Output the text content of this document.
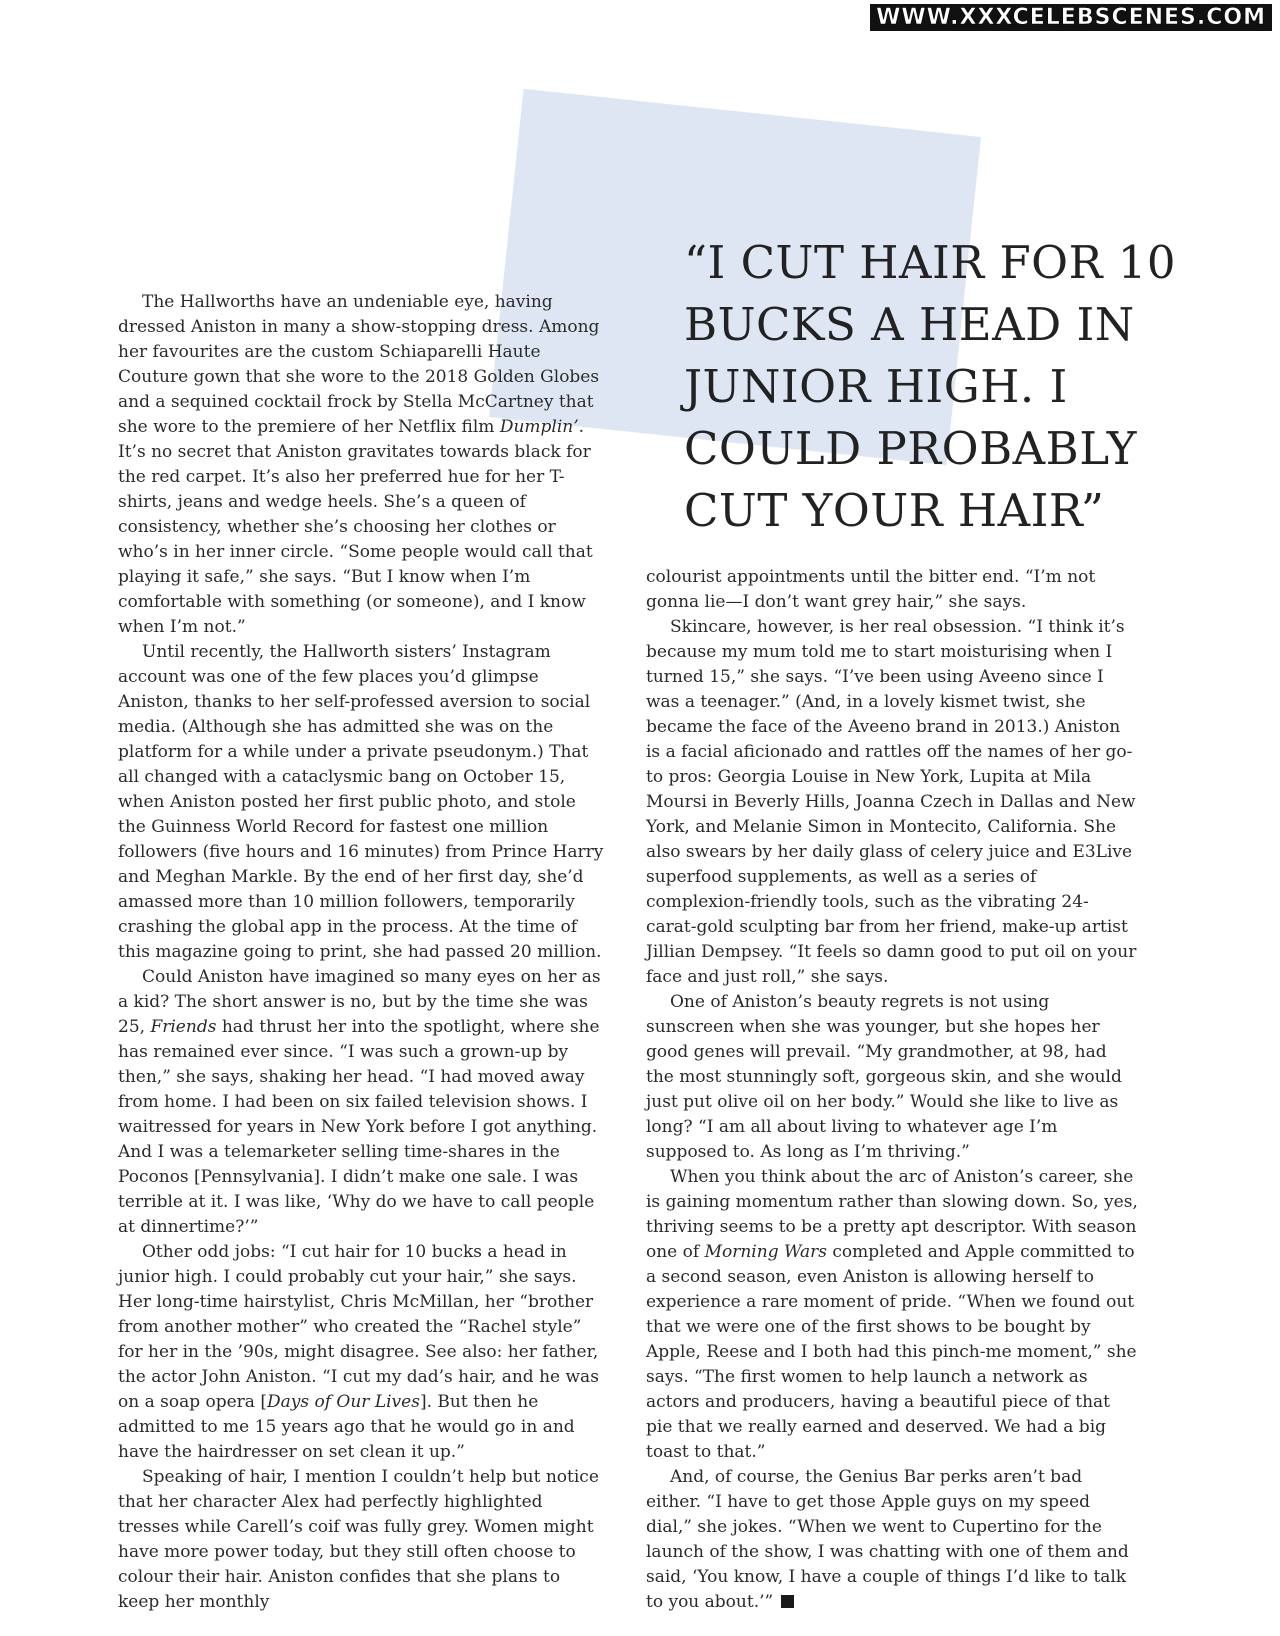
WWW.XXXCELEBSCENES.COM
“I CUT HAIR FOR 10 BUCKS A HEAD IN JUNIOR HIGH. I COULD PROBABLY CUT YOUR HAIR”

The Hallworths have an undeniable eye, having dressed Aniston in many a show-stopping dress. Among her favourites are the custom Schiaparelli Haute Couture gown that she wore to the 2018 Golden Globes and a sequined cocktail frock by Stella McCartney that she wore to the premiere of her Netflix film Dumplin’. It’s no secret that Aniston gravitates towards black for the red carpet. It’s also her preferred hue for her T-shirts, jeans and wedge heels. She’s a queen of consistency, whether she’s choosing her clothes or who’s in her inner circle. “Some people would call that playing it safe,” she says. “But I know when I’m comfortable with something (or someone), and I know when I’m not.”

Until recently, the Hallworth sisters’ Instagram account was one of the few places you’d glimpse Aniston, thanks to her self-professed aversion to social media. (Although she has admitted she was on the platform for a while under a private pseudonym.) That all changed with a cataclysmic bang on October 15, when Aniston posted her first public photo, and stole the Guinness World Record for fastest one million followers (five hours and 16 minutes) from Prince Harry and Meghan Markle. By the end of her first day, she’d amassed more than 10 million followers, temporarily crashing the global app in the process. At the time of this magazine going to print, she had passed 20 million.

Could Aniston have imagined so many eyes on her as a kid? The short answer is no, but by the time she was 25, Friends had thrust her into the spotlight, where she has remained ever since. “I was such a grown-up by then,” she says, shaking her head. “I had moved away from home. I had been on six failed television shows. I waitressed for years in New York before I got anything. And I was a telemarketer selling time-shares in the Poconos [Pennsylvania]. I didn’t make one sale. I was terrible at it. I was like, ‘Why do we have to call people at dinnertime?’”

Other odd jobs: “I cut hair for 10 bucks a head in junior high. I could probably cut your hair,” she says. Her long-time hairstylist, Chris McMillan, her “brother from another mother” who created the “Rachel style” for her in the ’90s, might disagree. See also: her father, the actor John Aniston. “I cut my dad’s hair, and he was on a soap opera [Days of Our Lives]. But then he admitted to me 15 years ago that he would go in and have the hairdresser on set clean it up.”

Speaking of hair, I mention I couldn’t help but notice that her character Alex had perfectly highlighted tresses while Carell’s coif was fully grey. Women might have more power today, but they still often choose to colour their hair. Aniston confides that she plans to keep her monthly

colourist appointments until the bitter end. “I’m not gonna lie—I don’t want grey hair,” she says.

Skincare, however, is her real obsession. “I think it’s because my mum told me to start moisturising when I turned 15,” she says. “I’ve been using Aveeno since I was a teenager.” (And, in a lovely kismet twist, she became the face of the Aveeno brand in 2013.) Aniston is a facial aficionado and rattles off the names of her go-to pros: Georgia Louise in New York, Lupita at Mila Moursi in Beverly Hills, Joanna Czech in Dallas and New York, and Melanie Simon in Montecito, California. She also swears by her daily glass of celery juice and E3Live superfood supplements, as well as a series of complexion-friendly tools, such as the vibrating 24-carat-gold sculpting bar from her friend, make-up artist Jillian Dempsey. “It feels so damn good to put oil on your face and just roll,” she says.

One of Aniston’s beauty regrets is not using sunscreen when she was younger, but she hopes her good genes will prevail. “My grandmother, at 98, had the most stunningly soft, gorgeous skin, and she would just put olive oil on her body.” Would she like to live as long? “I am all about living to whatever age I’m supposed to. As long as I’m thriving.”

When you think about the arc of Aniston’s career, she is gaining momentum rather than slowing down. So, yes, thriving seems to be a pretty apt descriptor. With season one of Morning Wars completed and Apple committed to a second season, even Aniston is allowing herself to experience a rare moment of pride. “When we found out that we were one of the first shows to be bought by Apple, Reese and I both had this pinch-me moment,” she says. “The first women to help launch a network as actors and producers, having a beautiful piece of that pie that we really earned and deserved. We had a big toast to that.”

And, of course, the Genius Bar perks aren’t bad either. “I have to get those Apple guys on my speed dial,” she jokes. “When we went to Cupertino for the launch of the show, I was chatting with one of them and said, ‘You know, I have a couple of things I’d like to talk to you about.’”
